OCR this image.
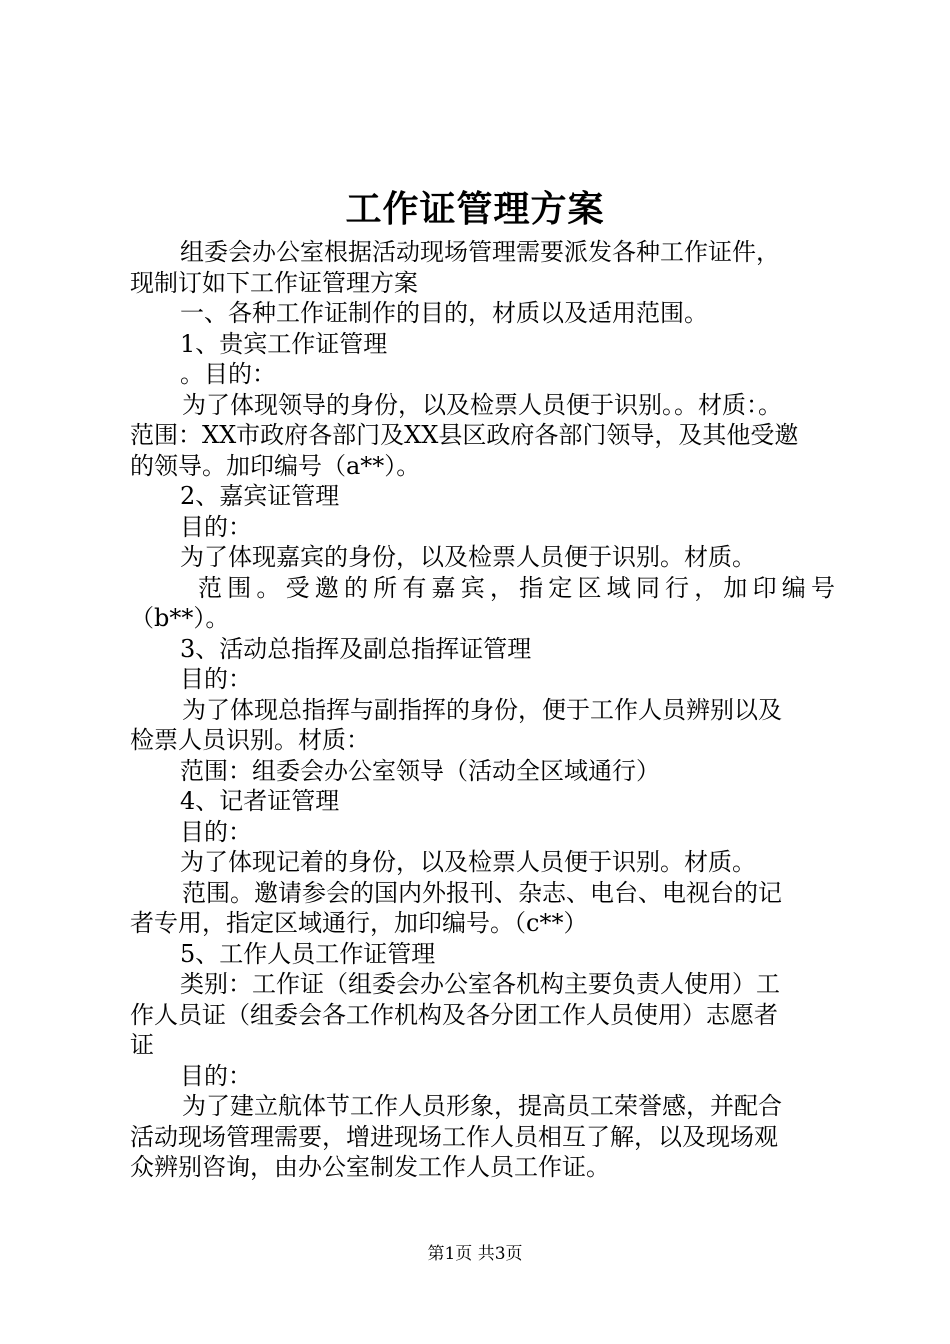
工作证管理方案
组委会办公室根据活动现场管理需要派发各种工作证件，
现制订如下工作证管理方案
一、各种工作证制作的目的，材质以及适用范围。
1、贵宾工作证管理
。目的：
为了体现领导的身份，以及检票人员便于识别。。材质：。
范围：XX市政府各部门及XX县区政府各部门领导，及其他受邀
的领导。加印编号（a**）。
2、嘉宾证管理
目的：
为了体现嘉宾的身份，以及检票人员便于识别。材质。
范围。受邀的所有嘉宾，指定区域同行，加印编号
（b**）。
3、活动总指挥及副总指挥证管理
目的：
为了体现总指挥与副指挥的身份，便于工作人员辨别以及
检票人员识别。材质：
范围：组委会办公室领导（活动全区域通行）
4、记者证管理
目的：
为了体现记着的身份，以及检票人员便于识别。材质。
范围。邀请参会的国内外报刊、杂志、电台、电视台的记
者专用，指定区域通行，加印编号。（c**）
5、工作人员工作证管理
类别：工作证（组委会办公室各机构主要负责人使用）工
作人员证（组委会各工作机构及各分团工作人员使用）志愿者
证
目的：
为了建立航体节工作人员形象，提高员工荣誉感，并配合
活动现场管理需要，增进现场工作人员相互了解，以及现场观
众辨别咨询，由办公室制发工作人员工作证。
第1页 共3页
